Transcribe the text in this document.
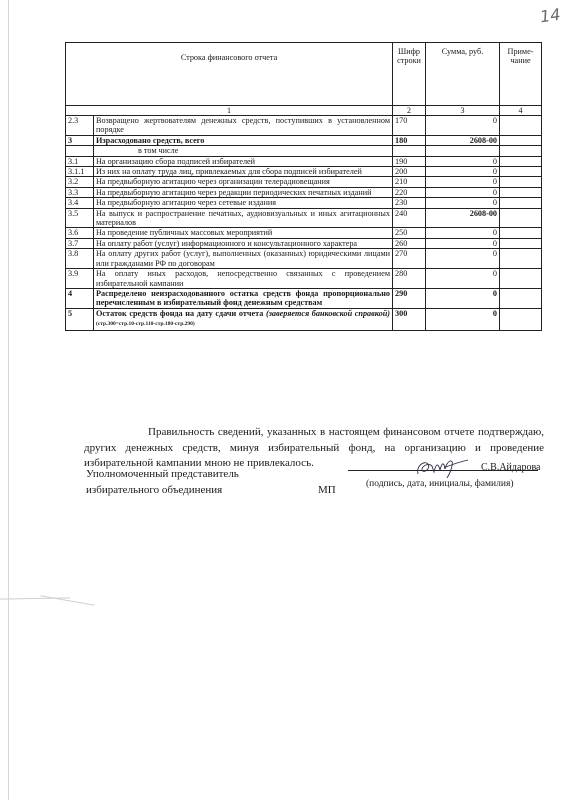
14
Строка финансового отчета		Шифр строки	Сумма, руб.	Приме-чание
1		2	3	4
2.3	Возвращено жертвователям денежных средств, поступивших в установленном порядке	170	0	
3	Израсходовано средств, всего	180	2608-00	
	в том числе			
3.1	На организацию сбора подписей избирателей	190	0	
3.1.1	Из них на оплату труда лиц, привлекаемых для сбора подписей избирателей	200	0	
3.2	На предвыборную агитацию через организации телерадиовещания	210	0	
3.3	На предвыборную агитацию через редакции периодических печатных изданий	220	0	
3.4	На предвыборную агитацию через сетевые издания	230	0	
3.5	На выпуск и распространение печатных, аудиовизуальных и иных агитационных материалов	240	2608-00	
3.6	На проведение публичных массовых мероприятий	250	0	
3.7	На оплату работ (услуг) информационного и консультационного характера	260	0	
3.8	На оплату других работ (услуг), выполненных (оказанных) юридическими лицами или гражданами РФ по договорам	270	0	
3.9	На оплату иных расходов, непосредственно связанных с проведением избирательной кампании	280	0	
4	Распределено неизрасходованного остатка средств фонда пропорционально перечисленным в избирательный фонд денежным средствам	290	0	
5	Остаток средств фонда на дату сдачи отчета (заверяется банковской справкой) (стр.300=стр.10-стр.110-стр.180-стр.290)	300	0	
Правильность сведений, указанных в настоящем финансовом отчете подтверждаю, других денежных средств, минуя избирательный фонд, на организацию и проведение избирательной кампании мною не привлекалось.
Уполномоченный представитель
избирательного объединения	МП
С.В.Айдарова
(подпись, дата, инициалы, фамилия)
